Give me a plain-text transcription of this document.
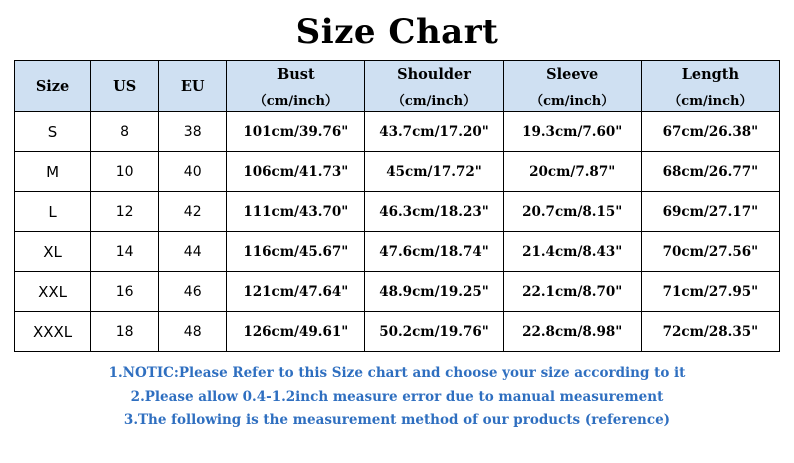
Size Chart
Size	US	EU	Bust	Shoulder	Sleeve	Length
			（cm/inch）	（cm/inch）	（cm/inch）	（cm/inch）
S	8	38	101cm/39.76"	43.7cm/17.20"	19.3cm/7.60"	67cm/26.38"
M	10	40	106cm/41.73"	45cm/17.72"	20cm/7.87"	68cm/26.77"
L	12	42	111cm/43.70"	46.3cm/18.23"	20.7cm/8.15"	69cm/27.17"
XL	14	44	116cm/45.67"	47.6cm/18.74"	21.4cm/8.43"	70cm/27.56"
XXL	16	46	121cm/47.64"	48.9cm/19.25"	22.1cm/8.70"	71cm/27.95"
XXXL	18	48	126cm/49.61"	50.2cm/19.76"	22.8cm/8.98"	72cm/28.35"
1.NOTIC:Please Refer to this Size chart and choose your size according to it
2.Please allow 0.4-1.2inch measure error due to manual measurement
3.The following is the measurement method of our products (reference)
